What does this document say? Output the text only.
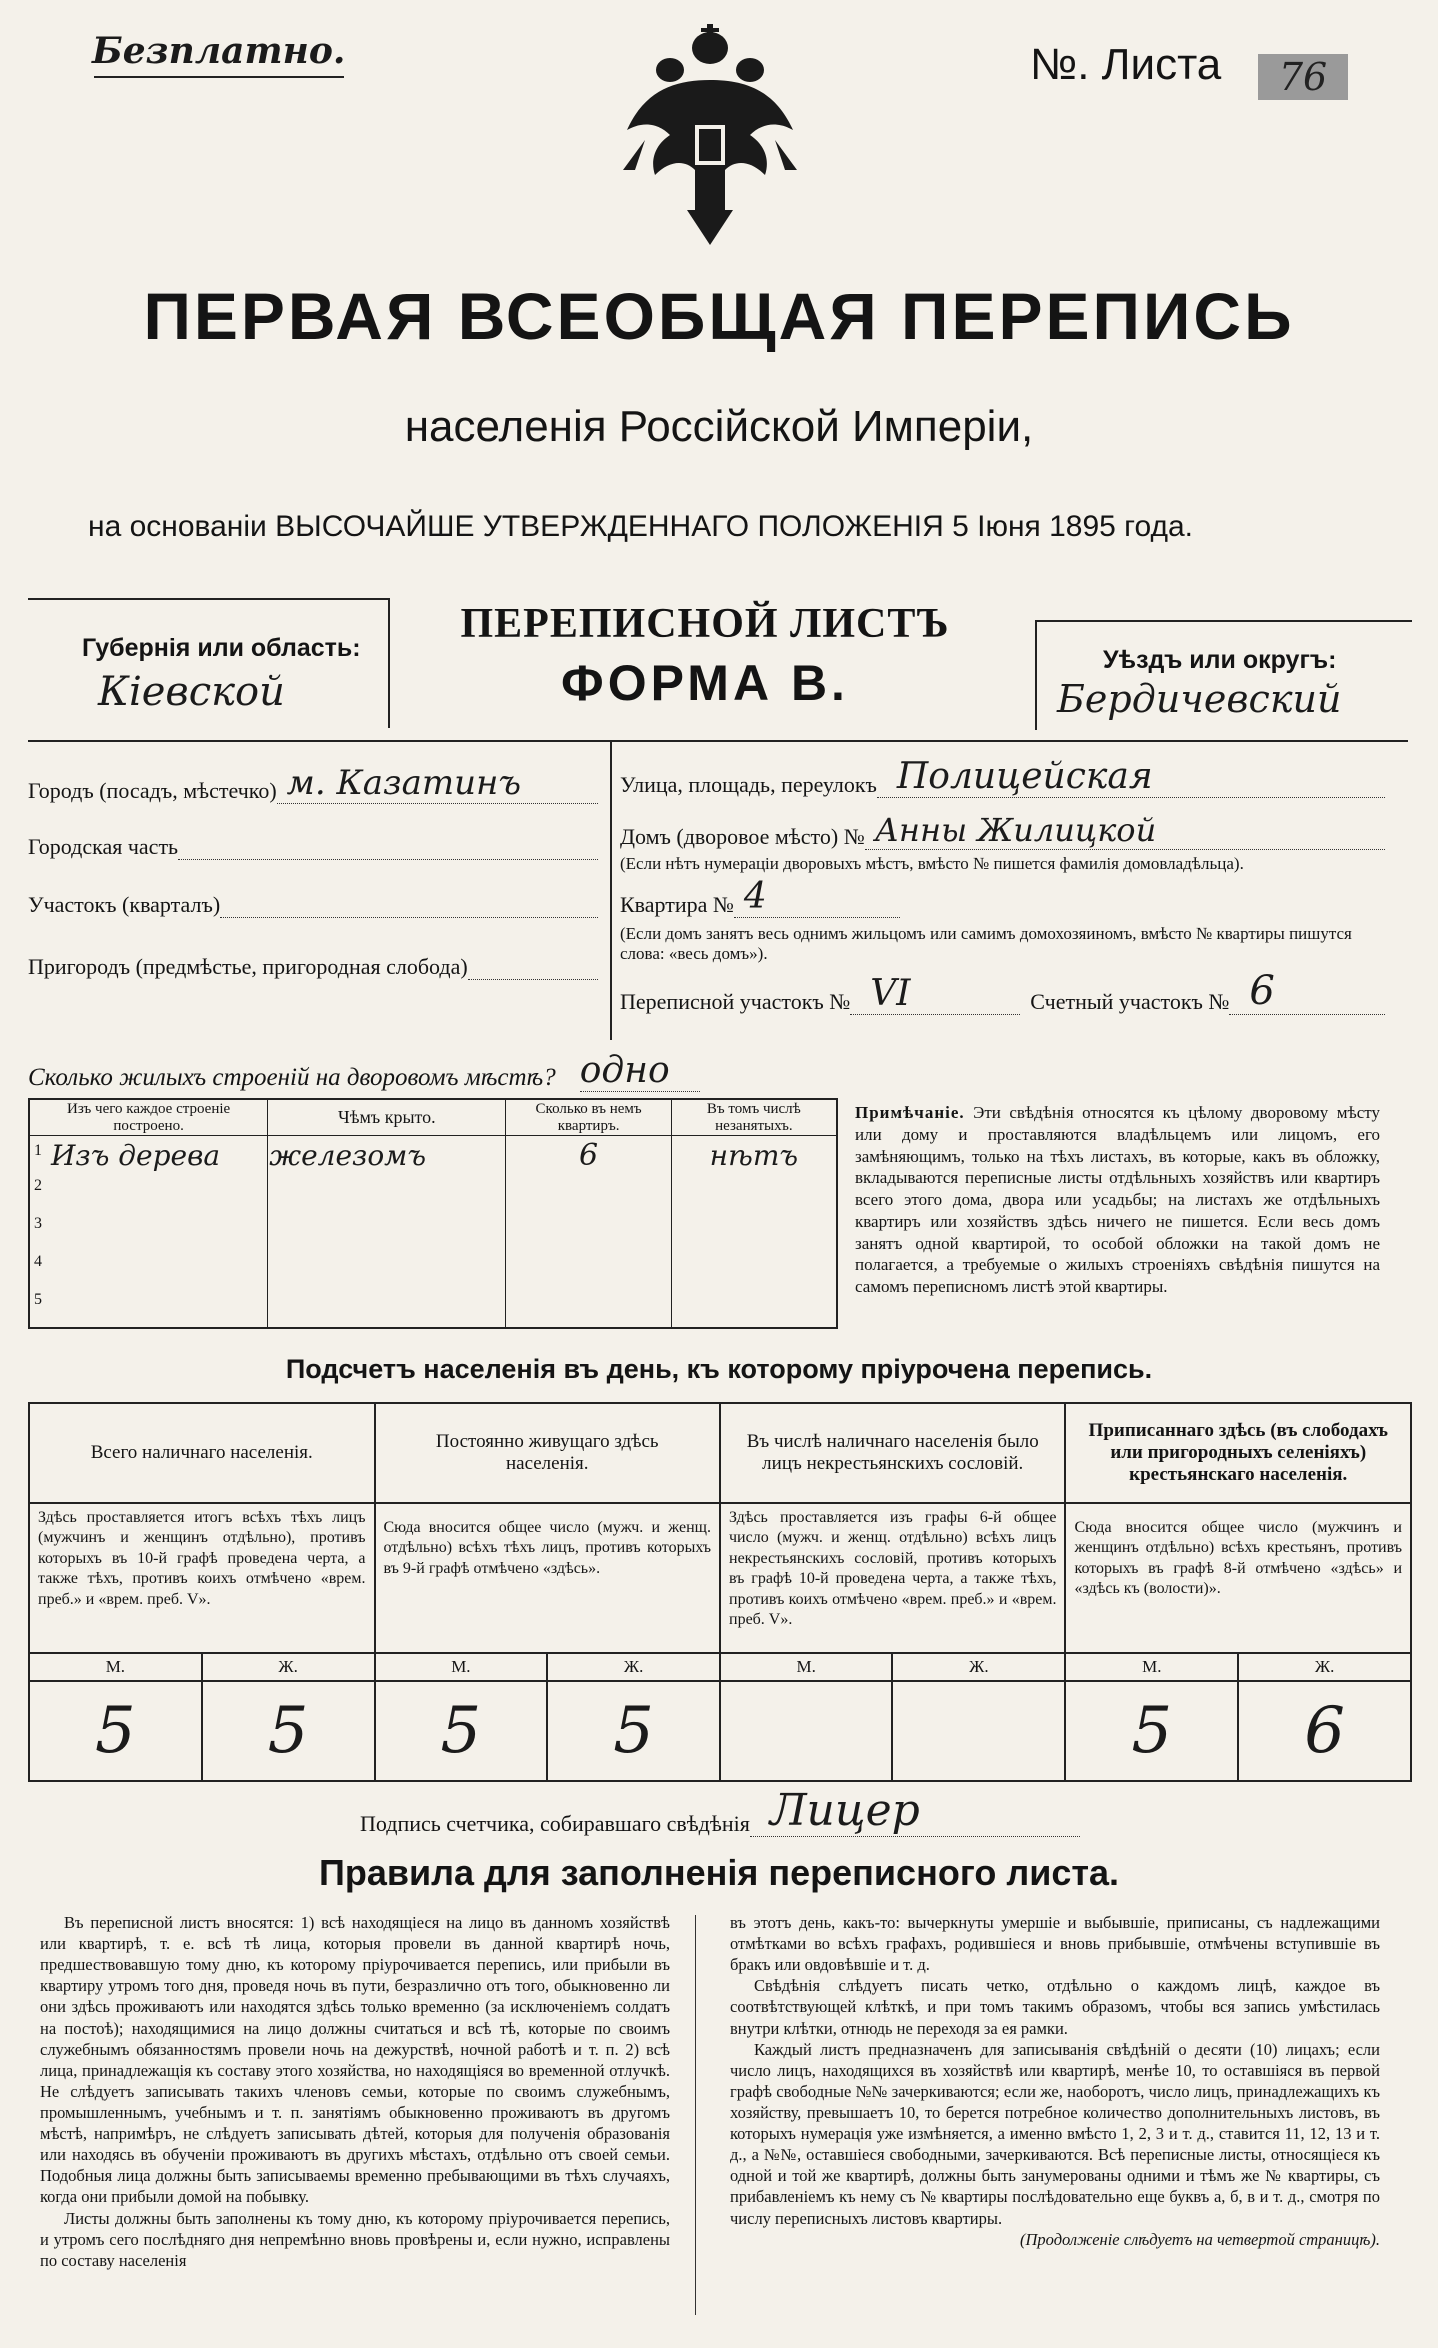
Безплатно.	№. Листа	76
ПЕРВАЯ ВСЕОБЩАЯ ПЕРЕПИСЬ
населенія Россійской Имперіи,
на основаніи ВЫСОЧАЙШЕ УТВЕРЖДЕННАГО ПОЛОЖЕНІЯ 5 Іюня 1895 года.
ПЕРЕПИСНОЙ ЛИСТЪ
ФОРМА В.
Губернія или область:
Кіевской
Уѣздъ или округъ:
Бердичевский
Городъ (посадъ, мѣстечко) м. Казатинъ
Городская часть
Участокъ (кварталъ)
Пригородъ (предмѣстье, пригородная слобода)
Улица, площадь, переулокъ Полицейская
Домъ (дворовое мѣсто) № Анны Жилицкой
(Если нѣтъ нумераціи дворовыхъ мѣстъ, вмѣсто № пишется фамилія домовладѣльца).
Квартира № 4
(Если домъ занятъ весь однимъ жильцомъ или самимъ домохозяиномъ, вмѣсто № квартиры пишутся слова: «весь домъ»).
Переписной участокъ № VI	Счетный участокъ № 6
Сколько жилыхъ строеній на дворовомъ мѣстѣ? одно
Изъ чего каждое строеніе построено.	Чѣмъ крыто.	Сколько въ немъ квартиръ.	Въ томъ числѣ незанятыхъ.

1 Изъ дерева	железомъ	6	нѣтъ
2			
3			
4			
5			
Примѣчаніе. Эти свѣдѣнія относятся къ цѣлому дворовому мѣсту или дому и проставляются владѣльцемъ или лицомъ, его замѣняющимъ, только на тѣхъ листахъ, въ которые, какъ въ обложку, вкладываются переписные листы отдѣльныхъ хозяйствъ или квартиръ всего этого дома, двора или усадьбы; на листахъ же отдѣльныхъ квартиръ или хозяйствъ здѣсь ничего не пишется. Если весь домъ занятъ одной квартирой, то особой обложки на такой домъ не полагается, а требуемые о жилыхъ строеніяхъ свѣдѣнія пишутся на самомъ переписномъ листѣ этой квартиры.
Подсчетъ населенія въ день, къ которому пріурочена перепись.
Всего наличнаго населенія.		Постоянно живущаго здѣсь населенія.		Въ числѣ наличнаго населенія было лицъ некрестьянскихъ сословій.		Приписаннаго здѣсь (въ слободахъ или пригородныхъ селеніяхъ) крестьянскаго населенія.	
Здѣсь проставляется итогъ всѣхъ тѣхъ лицъ (мужчинъ и женщинъ отдѣльно), противъ которыхъ въ 10-й графѣ проведена черта, а также тѣхъ, противъ коихъ отмѣчено «врем. преб.» и «врем. преб. V».		Сюда вносится общее число (мужч. и женщ. отдѣльно) всѣхъ тѣхъ лицъ, противъ которыхъ въ 9-й графѣ отмѣчено «здѣсь».		Здѣсь проставляется изъ графы 6-й общее число (мужч. и женщ. отдѣльно) всѣхъ лицъ некрестьянскихъ сословій, противъ которыхъ въ графѣ 10-й проведена черта, а также тѣхъ, противъ коихъ отмѣчено «врем. преб.» и «врем. преб. V».		Сюда вносится общее число (мужчинъ и женщинъ отдѣльно) всѣхъ крестьянъ, противъ которыхъ въ графѣ 8-й отмѣчено «здѣсь» и «здѣсь къ (волости)».	
М.	Ж.	М.	Ж.	М.	Ж.	М.	Ж.
5	5	5	5			5	6
Подпись счетчика, собиравшаго свѣдѣнія Лицер
Правила для заполненія переписного листа.
Въ переписной листъ вносятся: 1) всѣ находящіеся на лицо въ данномъ хозяйствѣ или квартирѣ, т. е. всѣ тѣ лица, которыя провели въ данной квартирѣ ночь, предшествовавшую тому дню, къ которому пріурочивается перепись, или прибыли въ квартиру утромъ того дня, проведя ночь въ пути, безразлично отъ того, обыкновенно ли они здѣсь проживаютъ или находятся здѣсь только временно (за исключеніемъ солдатъ на постоѣ); находящимися на лицо должны считаться и всѣ тѣ, которые по своимъ служебнымъ обязанностямъ провели ночь на дежурствѣ, ночной работѣ и т. п. 2) всѣ лица, принадлежащія къ составу этого хозяйства, но находящіяся во временной отлучкѣ. Не слѣдуетъ записывать такихъ членовъ семьи, которые по своимъ служебнымъ, промышленнымъ, учебнымъ и т. п. занятіямъ обыкновенно проживаютъ въ другомъ мѣстѣ, напримѣръ, не слѣдуетъ записывать дѣтей, которыя для полученія образованія или находясь въ обученіи проживаютъ въ другихъ мѣстахъ, отдѣльно отъ своей семьи. Подобныя лица должны быть записываемы временно пребывающими въ тѣхъ случаяхъ, когда они прибыли домой на побывку.
Листы должны быть заполнены къ тому дню, къ которому пріурочивается перепись, и утромъ сего послѣдняго дня непремѣнно вновь провѣрены и, если нужно, исправлены по составу населенія
въ этотъ день, какъ-то: вычеркнуты умершіе и выбывшіе, приписаны, съ надлежащими отмѣтками во всѣхъ графахъ, родившіеся и вновь прибывшіе, отмѣчены вступившіе въ бракъ или овдовѣвшіе и т. д.
Свѣдѣнія слѣдуетъ писать четко, отдѣльно о каждомъ лицѣ, каждое въ соотвѣтствующей клѣткѣ, и при томъ такимъ образомъ, чтобы вся запись умѣстилась внутри клѣтки, отнюдь не переходя за ея рамки.
Каждый листъ предназначенъ для записыванія свѣдѣній о десяти (10) лицахъ; если число лицъ, находящихся въ хозяйствѣ или квартирѣ, менѣе 10, то оставшіяся въ первой графѣ свободные №№ зачеркиваются; если же, наоборотъ, число лицъ, принадлежащихъ къ хозяйству, превышаетъ 10, то берется потребное количество дополнительныхъ листовъ, въ которыхъ нумерація уже измѣняется, а именно вмѣсто 1, 2, 3 и т. д., ставится 11, 12, 13 и т. д., а №№, оставшіеся свободными, зачеркиваются. Всѣ переписные листы, относящіеся къ одной и той же квартирѣ, должны быть занумерованы одними и тѣмъ же № квартиры, съ прибавленіемъ къ нему съ № квартиры послѣдовательно еще буквъ а, б, в и т. д., смотря по числу переписныхъ листовъ квартиры.
(Продолженіе слѣдуетъ на четвертой страницѣ).
